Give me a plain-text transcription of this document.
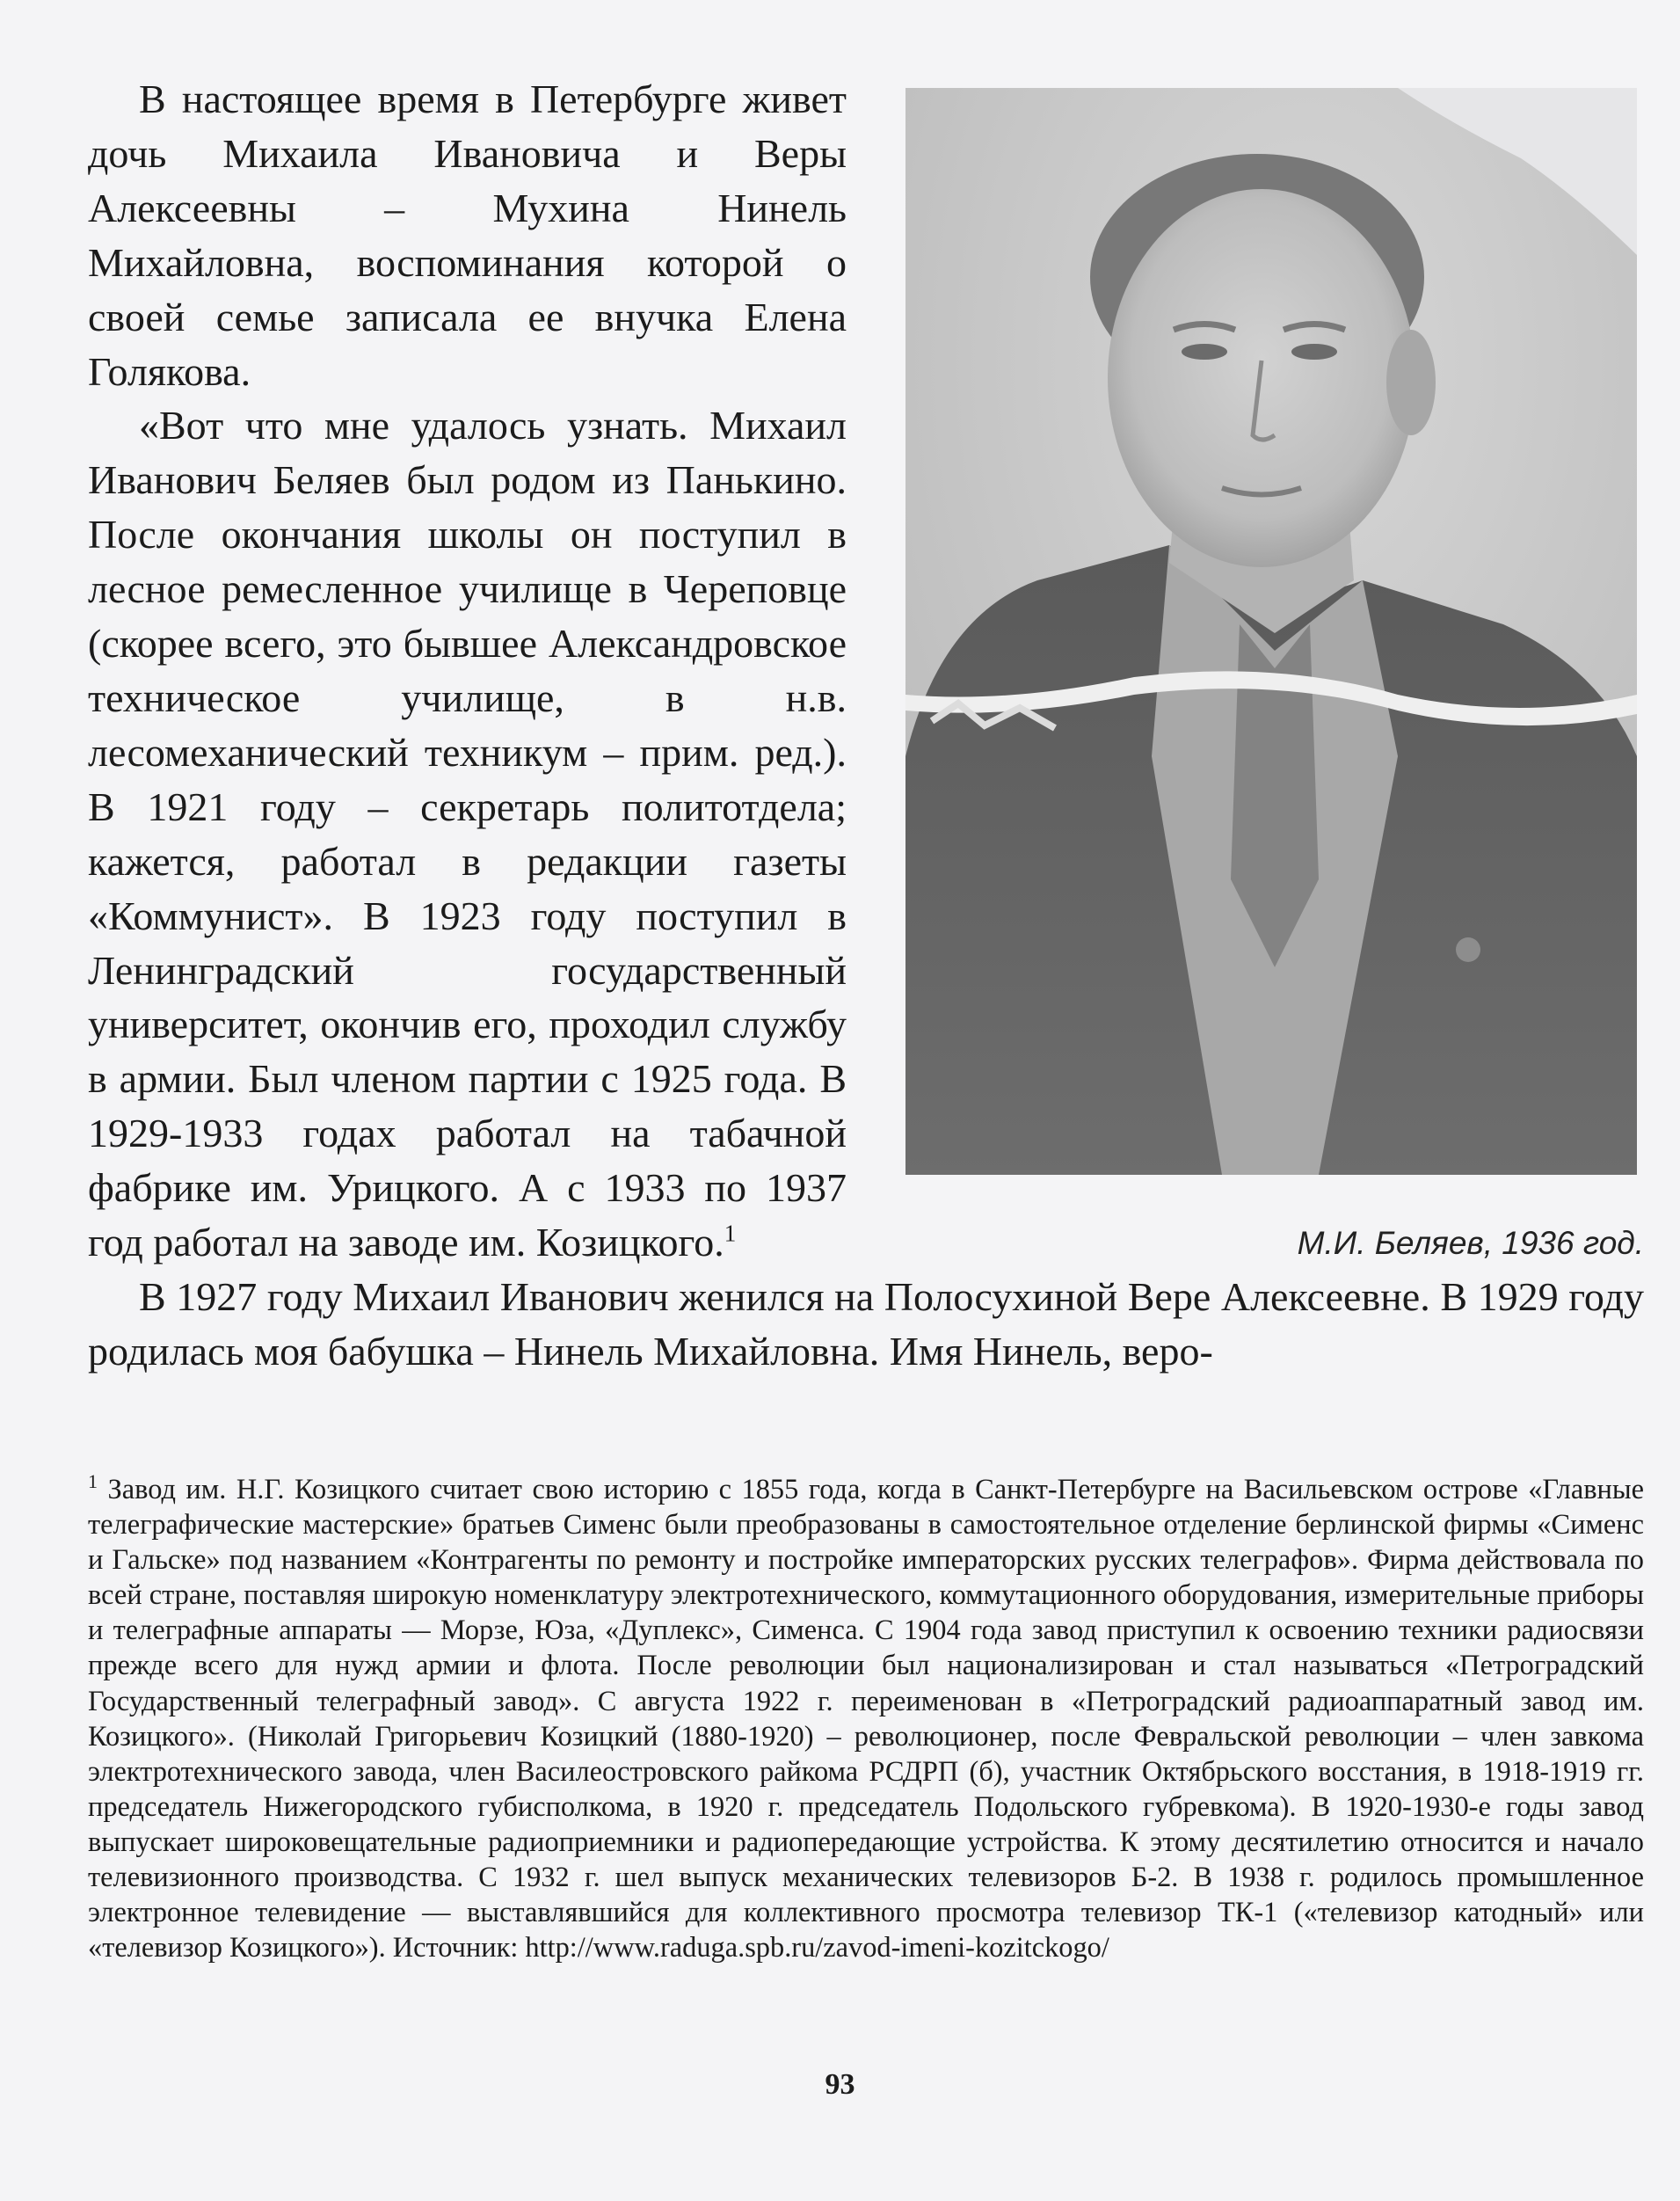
М.И. Беляев, 1936 год.

В настоящее время в Петербурге живет дочь Михаила Ивановича и Веры Алексеевны – Мухина Нинель Михайловна, воспоминания которой о своей семье записала ее внучка Елена Голякова.

«Вот что мне удалось узнать. Михаил Иванович Беляев был родом из Панькино. После окончания школы он поступил в лесное ремесленное училище в Череповце (скорее всего, это бывшее Александровское техническое училище, в н.в. лесомеханический техникум – прим. ред.). В 1921 году – секретарь политотдела; кажется, работал в редакции газеты «Коммунист». В 1923 году поступил в Ленинградский государственный университет, окончив его, проходил службу в армии. Был членом партии с 1925 года. В 1929-1933 годах работал на табачной фабрике им. Урицкого. А с 1933 по 1937 год работал на заводе им. Козицкого.$^1$

В 1927 году Михаил Иванович женился на Полосухиной Вере Алексеевне. В 1929 году родилась моя бабушка – Нинель Михайловна. Имя Нинель, веро-

$^1$ Завод им. Н.Г. Козицкого считает свою историю с 1855 года, когда в Санкт-Петербурге на Васильевском острове «Главные телеграфические мастерские» братьев Сименс были преобразованы в самостоятельное отделение берлинской фирмы «Сименс и Гальске» под названием «Контрагенты по ремонту и постройке императорских русских телеграфов». Фирма действовала по всей стране, поставляя широкую номенклатуру электротехнического, коммутационного оборудования, измерительные приборы и телеграфные аппараты — Морзе, Юза, «Дуплекс», Сименса. С 1904 года завод приступил к освоению техники радиосвязи прежде всего для нужд армии и флота. После революции был национализирован и стал называться «Петроградский Государственный телеграфный завод». С августа 1922 г. переименован в «Петроградский радиоаппаратный завод им. Козицкого». (Николай Григорьевич Козицкий (1880-1920) – революционер, после Февральской революции – член завкома электротехнического завода, член Василеостровского райкома РСДРП (б), участник Октябрьского восстания, в 1918-1919 гг. председатель Нижегородского губисполкома, в 1920 г. председатель Подольского губревкома). В 1920-1930-е годы завод выпускает широковещательные радиоприемники и радиопередающие устройства. К этому десятилетию относится и начало телевизионного производства. С 1932 г. шел выпуск механических телевизоров Б-2. В 1938 г. родилось промышленное электронное телевидение — выставлявшийся для коллективного просмотра телевизор ТК-1 («телевизор катодный» или «телевизор Козицкого»). Источник: http://www.raduga.spb.ru/zavod-imeni-kozitckogo/

93
